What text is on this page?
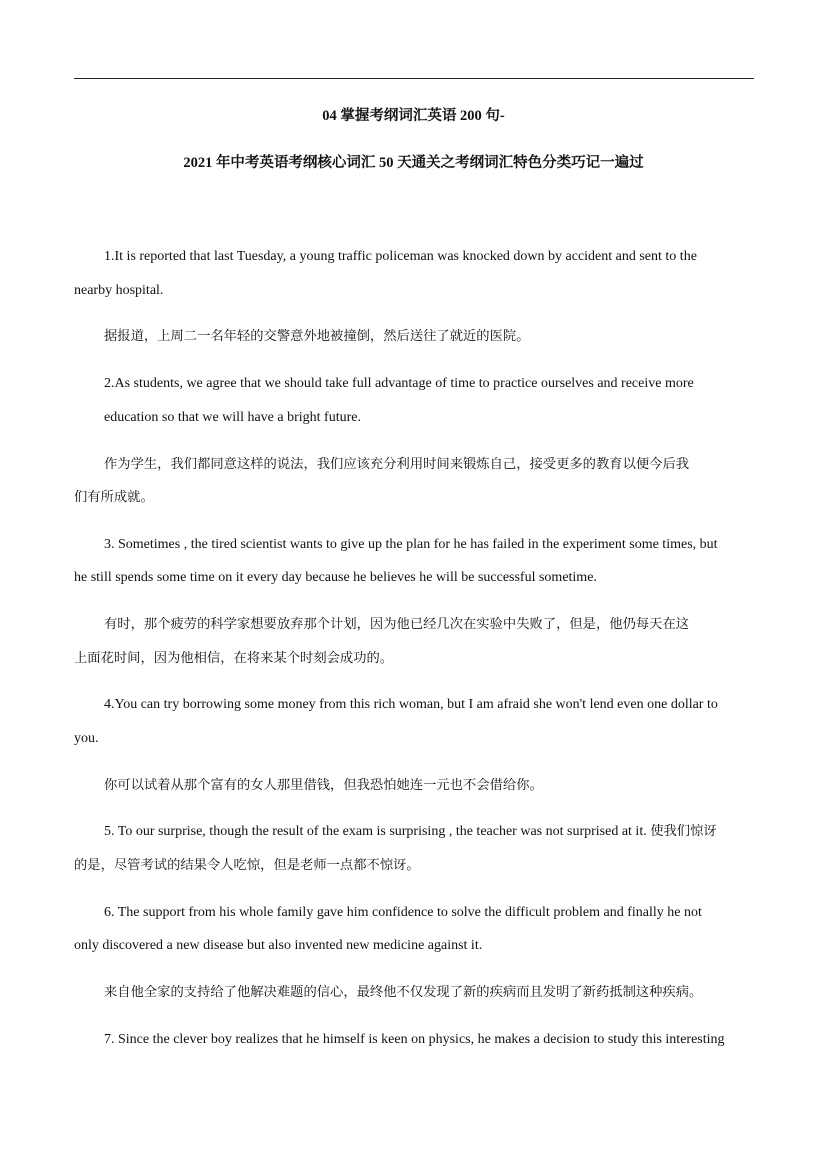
04 掌握考纲词汇英语 200 句-
2021 年中考英语考纲核心词汇 50 天通关之考纲词汇特色分类巧记一遍过
1.It is reported that last Tuesday, a young traffic policeman was knocked down by accident and sent to the
nearby hospital.
据报道，上周二一名年轻的交警意外地被撞倒，然后送往了就近的医院。
2.As students, we agree that we should take full advantage of time to practice ourselves and receive more
education so that we will have a bright future.
作为学生，我们都同意这样的说法，我们应该充分利用时间来锻炼自己，接受更多的教育以便今后我
们有所成就。
3. Sometimes , the tired scientist wants to give up the plan for he has failed in the experiment some times, but
he still spends some time on it every day because he believes he will be successful sometime.
有时，那个疲劳的科学家想要放弃那个计划，因为他已经几次在实验中失败了，但是，他仍每天在这
上面花时间，因为他相信，在将来某个时刻会成功的。
4.You can try borrowing some money from this rich woman, but I am afraid she won't lend even one dollar to
you.
你可以试着从那个富有的女人那里借钱，但我恐怕她连一元也不会借给你。
5. To our surprise, though the result of the exam is surprising , the teacher was not surprised at it. 使我们惊讶
的是，尽管考试的结果令人吃惊，但是老师一点都不惊讶。
6. The support from his whole family gave him confidence to solve the difficult problem and finally he not
only discovered a new disease but also invented new medicine against it.
来自他全家的支持给了他解决难题的信心，最终他不仅发现了新的疾病而且发明了新药抵制这种疾病。
7. Since the clever boy realizes that he himself is keen on physics, he makes a decision to study this interesting
